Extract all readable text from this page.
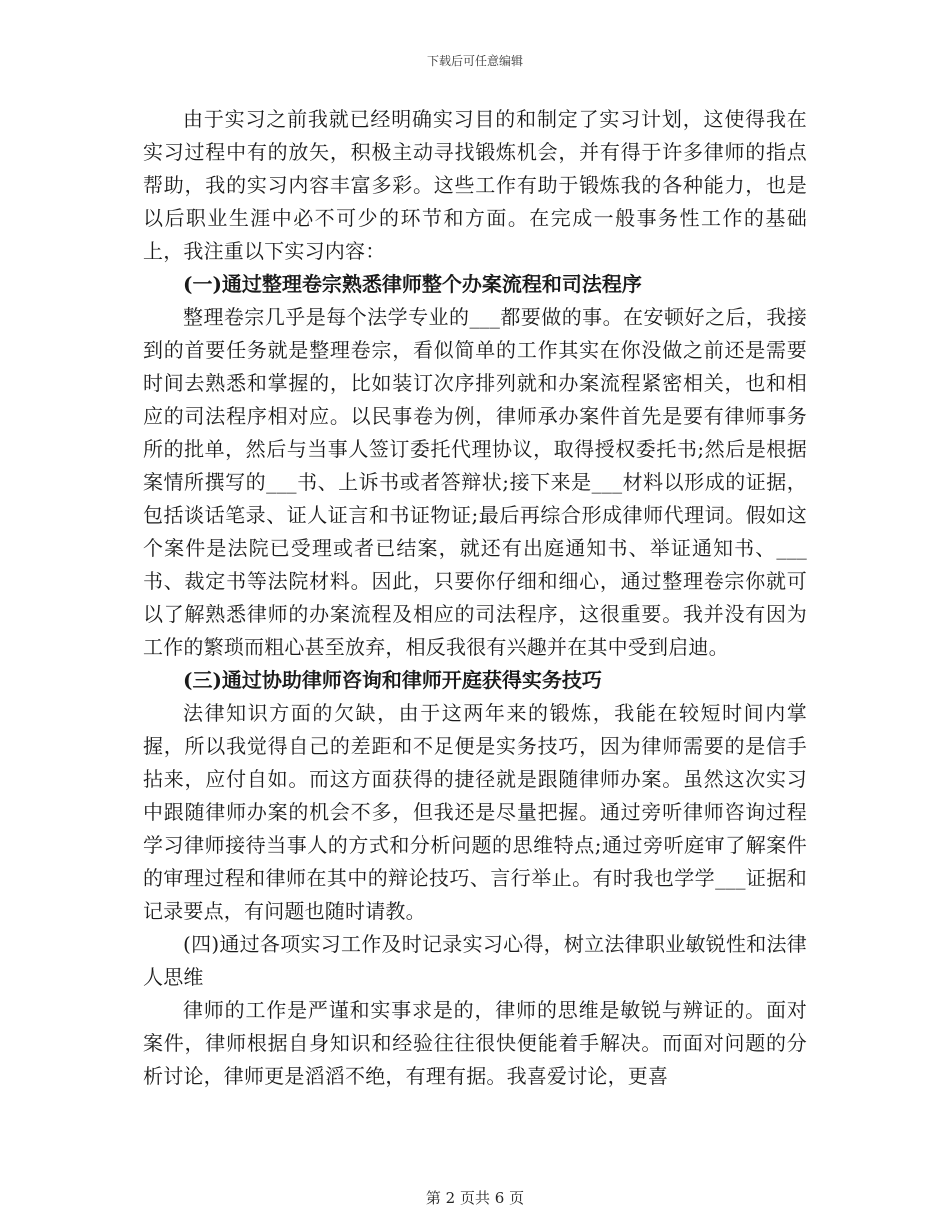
下载后可任意编辑

由于实习之前我就已经明确实习目的和制定了实习计划，这使得我在实习过程中有的放矢，积极主动寻找锻炼机会，并有得于许多律师的指点帮助，我的实习内容丰富多彩。这些工作有助于锻炼我的各种能力，也是以后职业生涯中必不可少的环节和方面。在完成一般事务性工作的基础上，我注重以下实习内容：

(一)通过整理卷宗熟悉律师整个办案流程和司法程序

整理卷宗几乎是每个法学专业的___都要做的事。在安顿好之后，我接到的首要任务就是整理卷宗，看似简单的工作其实在你没做之前还是需要时间去熟悉和掌握的，比如装订次序排列就和办案流程紧密相关，也和相应的司法程序相对应。以民事卷为例，律师承办案件首先是要有律师事务所的批单，然后与当事人签订委托代理协议，取得授权委托书;然后是根据案情所撰写的___书、上诉书或者答辩状;接下来是___材料以形成的证据，包括谈话笔录、证人证言和书证物证;最后再综合形成律师代理词。假如这个案件是法院已受理或者已结案，就还有出庭通知书、举证通知书、___书、裁定书等法院材料。因此，只要你仔细和细心，通过整理卷宗你就可以了解熟悉律师的办案流程及相应的司法程序，这很重要。我并没有因为工作的繁琐而粗心甚至放弃，相反我很有兴趣并在其中受到启迪。

(三)通过协助律师咨询和律师开庭获得实务技巧

法律知识方面的欠缺，由于这两年来的锻炼，我能在较短时间内掌握，所以我觉得自己的差距和不足便是实务技巧，因为律师需要的是信手拈来，应付自如。而这方面获得的捷径就是跟随律师办案。虽然这次实习中跟随律师办案的机会不多，但我还是尽量把握。通过旁听律师咨询过程学习律师接待当事人的方式和分析问题的思维特点;通过旁听庭审了解案件的审理过程和律师在其中的辩论技巧、言行举止。有时我也学学___证据和记录要点，有问题也随时请教。

(四)通过各项实习工作及时记录实习心得，树立法律职业敏锐性和法律人思维

律师的工作是严谨和实事求是的，律师的思维是敏锐与辨证的。面对案件，律师根据自身知识和经验往往很快便能着手解决。而面对问题的分析讨论，律师更是滔滔不绝，有理有据。我喜爱讨论，更喜

第 2 页共 6 页
